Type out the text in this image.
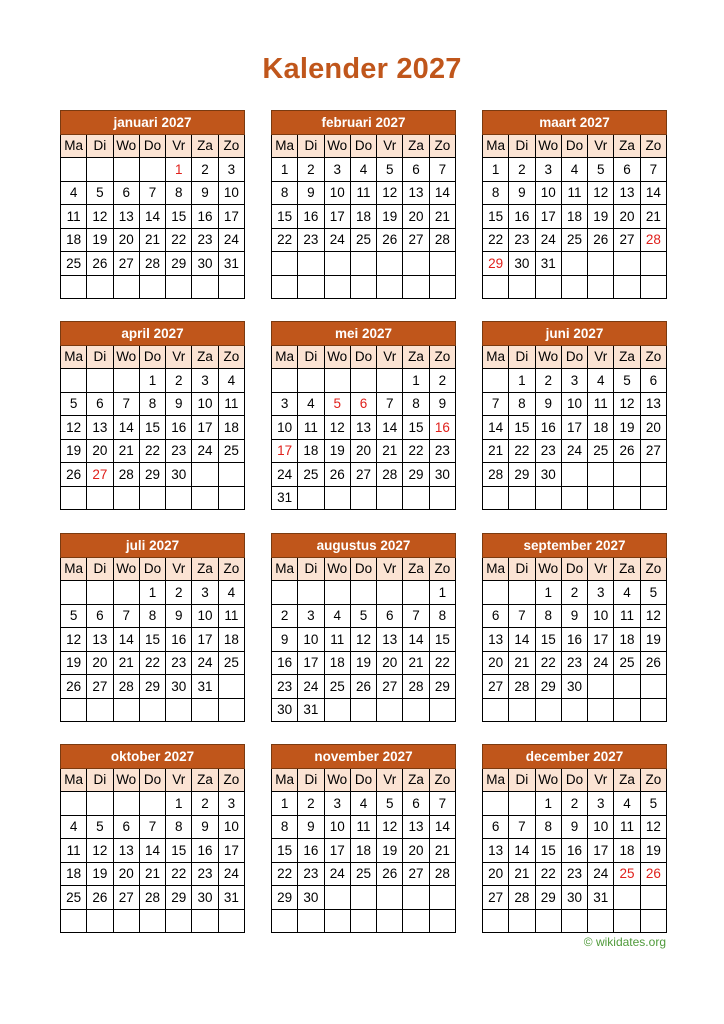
Kalender 2027
januari 2027						
Ma	Di	Wo	Do	Vr	Za	Zo
				1	2	3
4	5	6	7	8	9	10
11	12	13	14	15	16	17
18	19	20	21	22	23	24
25	26	27	28	29	30	31

februari 2027						
Ma	Di	Wo	Do	Vr	Za	Zo
1	2	3	4	5	6	7
8	9	10	11	12	13	14
15	16	17	18	19	20	21
22	23	24	25	26	27	28

maart 2027						
Ma	Di	Wo	Do	Vr	Za	Zo
1	2	3	4	5	6	7
8	9	10	11	12	13	14
15	16	17	18	19	20	21
22	23	24	25	26	27	28
29	30	31				

april 2027						
Ma	Di	Wo	Do	Vr	Za	Zo
			1	2	3	4
5	6	7	8	9	10	11
12	13	14	15	16	17	18
19	20	21	22	23	24	25
26	27	28	29	30		

mei 2027						
Ma	Di	Wo	Do	Vr	Za	Zo
					1	2
3	4	5	6	7	8	9
10	11	12	13	14	15	16
17	18	19	20	21	22	23
24	25	26	27	28	29	30
31						
juni 2027						
Ma	Di	Wo	Do	Vr	Za	Zo
	1	2	3	4	5	6
7	8	9	10	11	12	13
14	15	16	17	18	19	20
21	22	23	24	25	26	27
28	29	30				

juli 2027						
Ma	Di	Wo	Do	Vr	Za	Zo
			1	2	3	4
5	6	7	8	9	10	11
12	13	14	15	16	17	18
19	20	21	22	23	24	25
26	27	28	29	30	31	

augustus 2027						
Ma	Di	Wo	Do	Vr	Za	Zo
						1
2	3	4	5	6	7	8
9	10	11	12	13	14	15
16	17	18	19	20	21	22
23	24	25	26	27	28	29
30	31					
september 2027						
Ma	Di	Wo	Do	Vr	Za	Zo
		1	2	3	4	5
6	7	8	9	10	11	12
13	14	15	16	17	18	19
20	21	22	23	24	25	26
27	28	29	30			

oktober 2027						
Ma	Di	Wo	Do	Vr	Za	Zo
				1	2	3
4	5	6	7	8	9	10
11	12	13	14	15	16	17
18	19	20	21	22	23	24
25	26	27	28	29	30	31

november 2027						
Ma	Di	Wo	Do	Vr	Za	Zo
1	2	3	4	5	6	7
8	9	10	11	12	13	14
15	16	17	18	19	20	21
22	23	24	25	26	27	28
29	30					

december 2027						
Ma	Di	Wo	Do	Vr	Za	Zo
		1	2	3	4	5
6	7	8	9	10	11	12
13	14	15	16	17	18	19
20	21	22	23	24	25	26
27	28	29	30	31		

© wikidates.org
